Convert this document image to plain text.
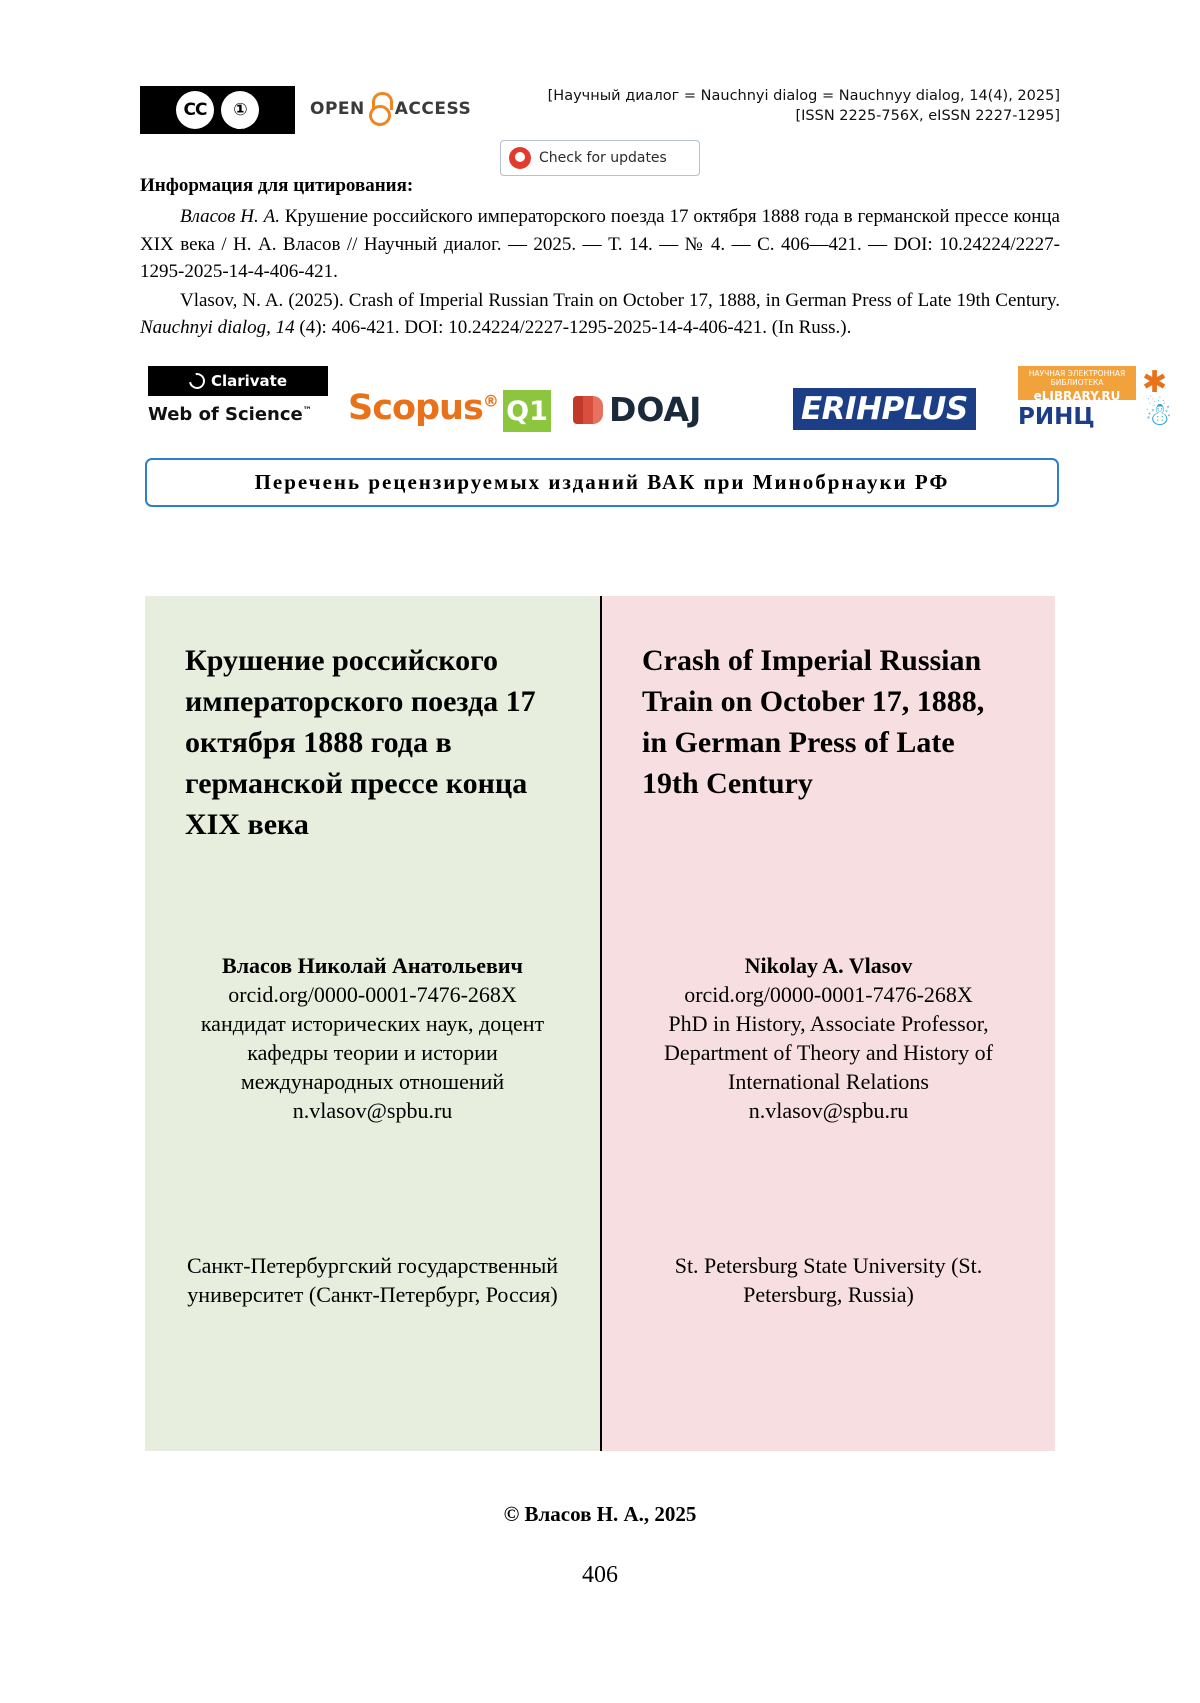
CC	①
BY
OPEN ACCESS
[Научный диалог = Nauchnyi dialog = Nauchnyy dialog, 14(4), 2025]
[ISSN 2225-756X, eISSN 2227-1295]
Check for updates
Информация для цитирования:

Власов Н. А. Крушение российского императорского поезда 17 октября 1888 года в германской прессе конца XIX века / Н. А. Власов // Научный диалог. — 2025. — Т. 14. — № 4. — С. 406—421. — DOI: 10.24224/2227-1295-2025-14-4-406-421.

Vlasov, N. A. (2025). Crash of Imperial Russian Train on October 17, 1888, in German Press of Late 19th Century. Nauchnyi dialog, 14 (4): 406-421. DOI: 10.24224/2227-1295-2025-14-4-406-421. (In Russ.).

Clarivate
Web of Science™ Scopus® Q1 DOAJ	ERIHPLUS
НАУЧНАЯ ЭЛЕКТРОННАЯ БИБЛИОТЕКА
eLIBRARY.RU
РИНЦ
✱
☃
Перечень рецензируемых изданий ВАК при Минобрнауки РФ
Крушение российского императорского поезда 17 октября 1888 года в германской прессе конца XIX века
Власов Николай Анатольевич
orcid.org/0000-0001-7476-268X
кандидат исторических наук, доцент кафедры теории и истории международных отношений
n.vlasov@spbu.ru
Санкт-Петербургский государственный университет (Санкт-Петербург, Россия)
Crash of Imperial Russian Train on October 17, 1888, in German Press of Late 19th Century
Nikolay A. Vlasov
orcid.org/0000-0001-7476-268X
PhD in History, Associate Professor, Department of Theory and History of International Relations
n.vlasov@spbu.ru
St. Petersburg State University (St. Petersburg, Russia)
© Власов Н. А., 2025
406
